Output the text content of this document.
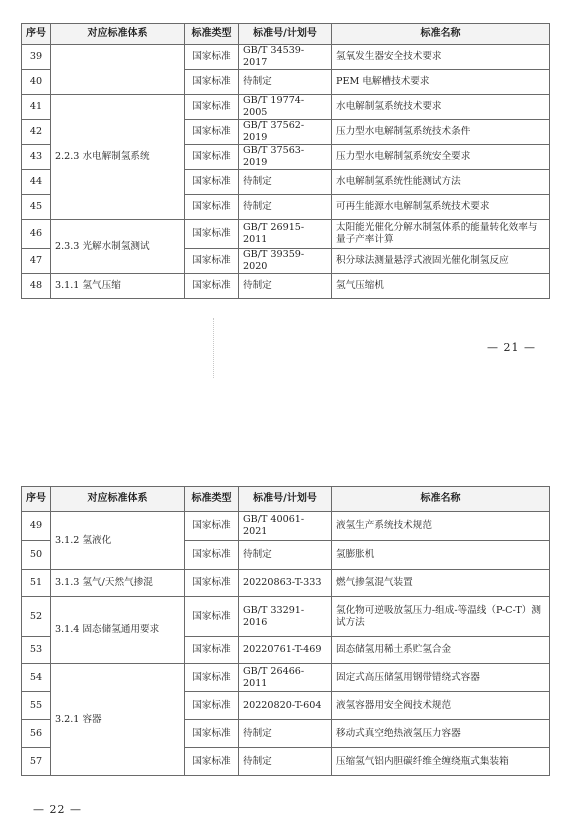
序号	对应标准体系	标准类型	标准号/计划号	标准名称
39		国家标准	GB/T 34539-2017	氢氧发生器安全技术要求
40		国家标准	待制定	PEM 电解槽技术要求
41	2.2.3 水电解制氢系统	国家标准	GB/T 19774-2005	水电解制氢系统技术要求
42		国家标准	GB/T 37562-2019	压力型水电解制氢系统技术条件
43		国家标准	GB/T 37563-2019	压力型水电解制氢系统安全要求
44		国家标准	待制定	水电解制氢系统性能测试方法
45		国家标准	待制定	可再生能源水电解制氢系统技术要求
46	2.3.3 光解水制氢测试	国家标准	GB/T 26915-2011	太阳能光催化分解水制氢体系的能量转化效率与量子产率计算
47		国家标准	GB/T 39359-2020	积分球法测量悬浮式液固光催化制氢反应
48	3.1.1 氢气压缩	国家标准	待制定	氢气压缩机
— 21 —
序号	对应标准体系	标准类型	标准号/计划号	标准名称
49	3.1.2 氢液化	国家标准	GB/T 40061-2021	液氢生产系统技术规范
50		国家标准	待制定	氢膨胀机
51	3.1.3 氢气/天然气掺混	国家标准	20220863-T-333	燃气掺氢混气装置
52	3.1.4 固态储氢通用要求	国家标准	GB/T 33291-2016	氢化物可逆吸放氢压力-组成-等温线（P-C-T）测试方法
53		国家标准	20220761-T-469	固态储氢用稀土系贮氢合金
54	3.2.1 容器	国家标准	GB/T 26466-2011	固定式高压储氢用钢带错绕式容器
55		国家标准	20220820-T-604	液氢容器用安全阀技术规范
56		国家标准	待制定	移动式真空绝热液氢压力容器
57		国家标准	待制定	压缩氢气铝内胆碳纤维全缠绕瓶式集装箱
— 22 —
